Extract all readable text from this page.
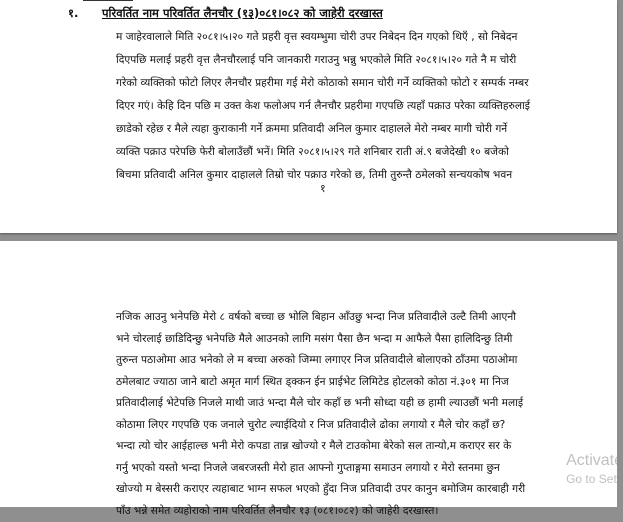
१. परिवर्तित नाम परिवर्तित लैनचौर (१३)०८१।०८२ को जाहेरी दरखास्त
म जाहेरवालाले मिति २०८१।५।२० गते प्रहरी वृत्त स्वयम्भुमा चोरी उपर निबेदन दिन गएको थिएँ , सो निबेदन
दिएपछि मलाई प्रहरी वृत्त लैनचौरलाई पनि जानकारी गराउनु भन्नु भएकोले मिति २०८१।५।२० गते नै म चोरी
गरेको व्यक्तिको फोटो लिएर लैनचौर प्रहरीमा गई मेरो कोठाको समान चोरी गर्ने व्यक्तिको फोटो र सम्पर्क नम्बर
दिएर गएं। केहि दिन पछि म उक्त केश फलोअप गर्न लैनचौर प्रहरीमा गएपछि त्यहाँ पक्राउ परेका व्यक्तिहरुलाई
छाडेको रहेछ र मैले त्यहा कुराकानी गर्ने क्रममा प्रतिवादी अनिल कुमार दाहालले मेरो नम्बर मागी चोरी गर्ने
व्यक्ति पक्राउ परेपछि फेरी बोलाउँछौं भनें। मिति २०८१।५।२९ गते शनिबार राती अं.९ बजेदेखी १० बजेको
बिचमा प्रतिवादी अनिल कुमार दाहालले तिम्रो चोर पक्राउ गरेको छ, तिमी तुरुन्तै ठमेलको सन्चयकोष भवन
१
नजिक आउनु भनेपछि मेरो ८ वर्षको बच्चा छ भोलि बिहान आँउछु भन्दा निज प्रतिवादीले उल्टै तिमी आएनौ
भने चोरलाई छाडिदिन्छु भनेपछि मैले आउनको लागि मसंग पैसा छैन भन्दा म आफैले पैसा हालिदिन्छु तिमी
तुरुन्त पठाओमा आउ भनेको ले म बच्चा अरुको जिम्मा लगाएर निज प्रतिवादीले बोलाएको ठाँउमा पठाओमा
ठमेलबाट ज्याठा जाने बाटो अमृत मार्ग स्थित ड्क्कन ईन प्राईभेट लिमिटेड होटलको कोठा नं.३०१ मा निज
प्रतिवादीलाई भेटेपछि निजले माथी जाउं भन्दा मैले चोर कहाँ छ भनी सोध्दा यही छ हामी ल्याउछौं भनी मलाई
कोठामा लिएर गएपछि एक जनाले चुरोट ल्याईदियो र निज प्रतिवादीले ढोका लगायो र मैले चोर कहाँ छ?
भन्दा त्यो चोर आईहाल्छ भनी मेरो कपडा तान्न खोज्यो र मैले टाउकोमा बेरेको सल तान्यो,म कराएर सर के
गर्नु भएको यस्तो भन्दा निजले जबरजस्ती मेरो हात आफ्नो गुप्ताङ्गमा समाउन लगायो र मेरो स्तनमा छुन
खोज्यो म बेस्सरी कराएर त्यहाबाट भाग्न सफल भएको हुँदा निज प्रतिवादी उपर कानुन बमोजिम कारबाही गरी
पाँउ भन्ने समेत व्यहोराको नाम परिवर्तित लैनचौर १३ (०८१।०८२) को जाहेरी दरखास्त।
Activate
Go to Setti
